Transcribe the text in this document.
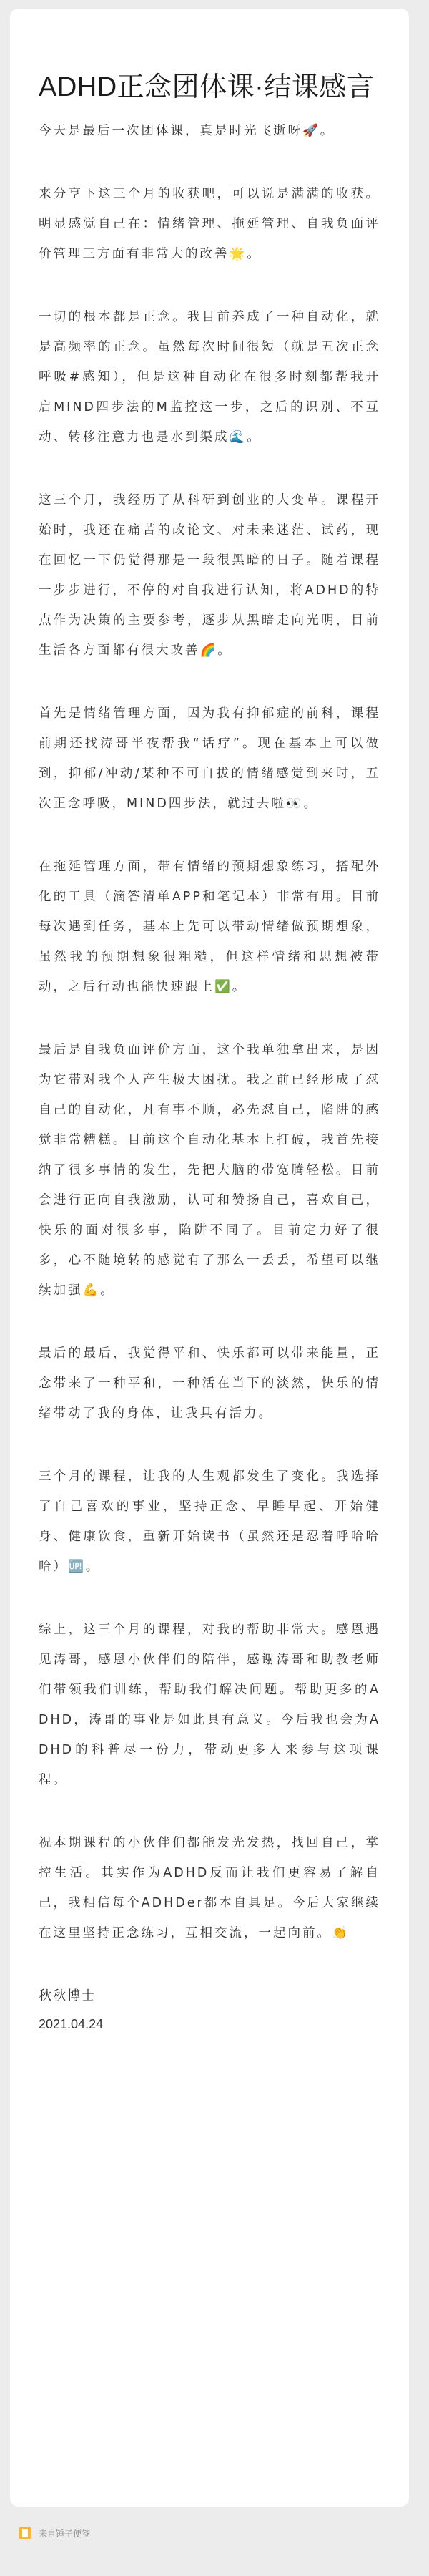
ADHD正念团体课·结课感言

今天是最后一次团体课，真是时光飞逝呀🚀。

来分享下这三个月的收获吧，可以说是满满的收获。明显感觉自己在：情绪管理、拖延管理、自我负面评价管理三方面有非常大的改善🌟。

一切的根本都是正念。我目前养成了一种自动化，就是高频率的正念。虽然每次时间很短（就是五次正念呼吸#感知），但是这种自动化在很多时刻都帮我开启MIND四步法的M监控这一步，之后的识别、不互动、转移注意力也是水到渠成🌊。

这三个月，我经历了从科研到创业的大变革。课程开始时，我还在痛苦的改论文、对未来迷茫、试药，现在回忆一下仍觉得那是一段很黑暗的日子。随着课程一步步进行，不停的对自我进行认知，将ADHD的特点作为决策的主要参考，逐步从黑暗走向光明，目前生活各方面都有很大改善🌈。

首先是情绪管理方面，因为我有抑郁症的前科，课程前期还找涛哥半夜帮我“话疗”。现在基本上可以做到，抑郁/冲动/某种不可自拔的情绪感觉到来时，五次正念呼吸，MIND四步法，就过去啦👀。

在拖延管理方面，带有情绪的预期想象练习，搭配外化的工具（滴答清单APP和笔记本）非常有用。目前每次遇到任务，基本上先可以带动情绪做预期想象，虽然我的预期想象很粗糙，但这样情绪和思想被带动，之后行动也能快速跟上✅。

最后是自我负面评价方面，这个我单独拿出来，是因为它带对我个人产生极大困扰。我之前已经形成了怼自己的自动化，凡有事不顺，必先怼自己，陷阱的感觉非常糟糕。目前这个自动化基本上打破，我首先接纳了很多事情的发生，先把大脑的带宽腾轻松。目前会进行正向自我激励，认可和赞扬自己，喜欢自己，快乐的面对很多事，陷阱不同了。目前定力好了很多，心不随境转的感觉有了那么一丢丢，希望可以继续加强💪。

最后的最后，我觉得平和、快乐都可以带来能量，正念带来了一种平和，一种活在当下的淡然，快乐的情绪带动了我的身体，让我具有活力。

三个月的课程，让我的人生观都发生了变化。我选择了自己喜欢的事业，坚持正念、早睡早起、开始健身、健康饮食，重新开始读书（虽然还是忍着呼哈哈哈）🆙。

综上，这三个月的课程，对我的帮助非常大。感恩遇见涛哥，感恩小伙伴们的陪伴，感谢涛哥和助教老师们带领我们训练，帮助我们解决问题。帮助更多的ADHD，涛哥的事业是如此具有意义。今后我也会为ADHD的科普尽一份力，带动更多人来参与这项课程。

祝本期课程的小伙伴们都能发光发热，找回自己，掌控生活。其实作为ADHD反而让我们更容易了解自己，我相信每个ADHDer都本自具足。今后大家继续在这里坚持正念练习，互相交流，一起向前。👏

秋秋博士

2021.04.24

来自锤子便签
